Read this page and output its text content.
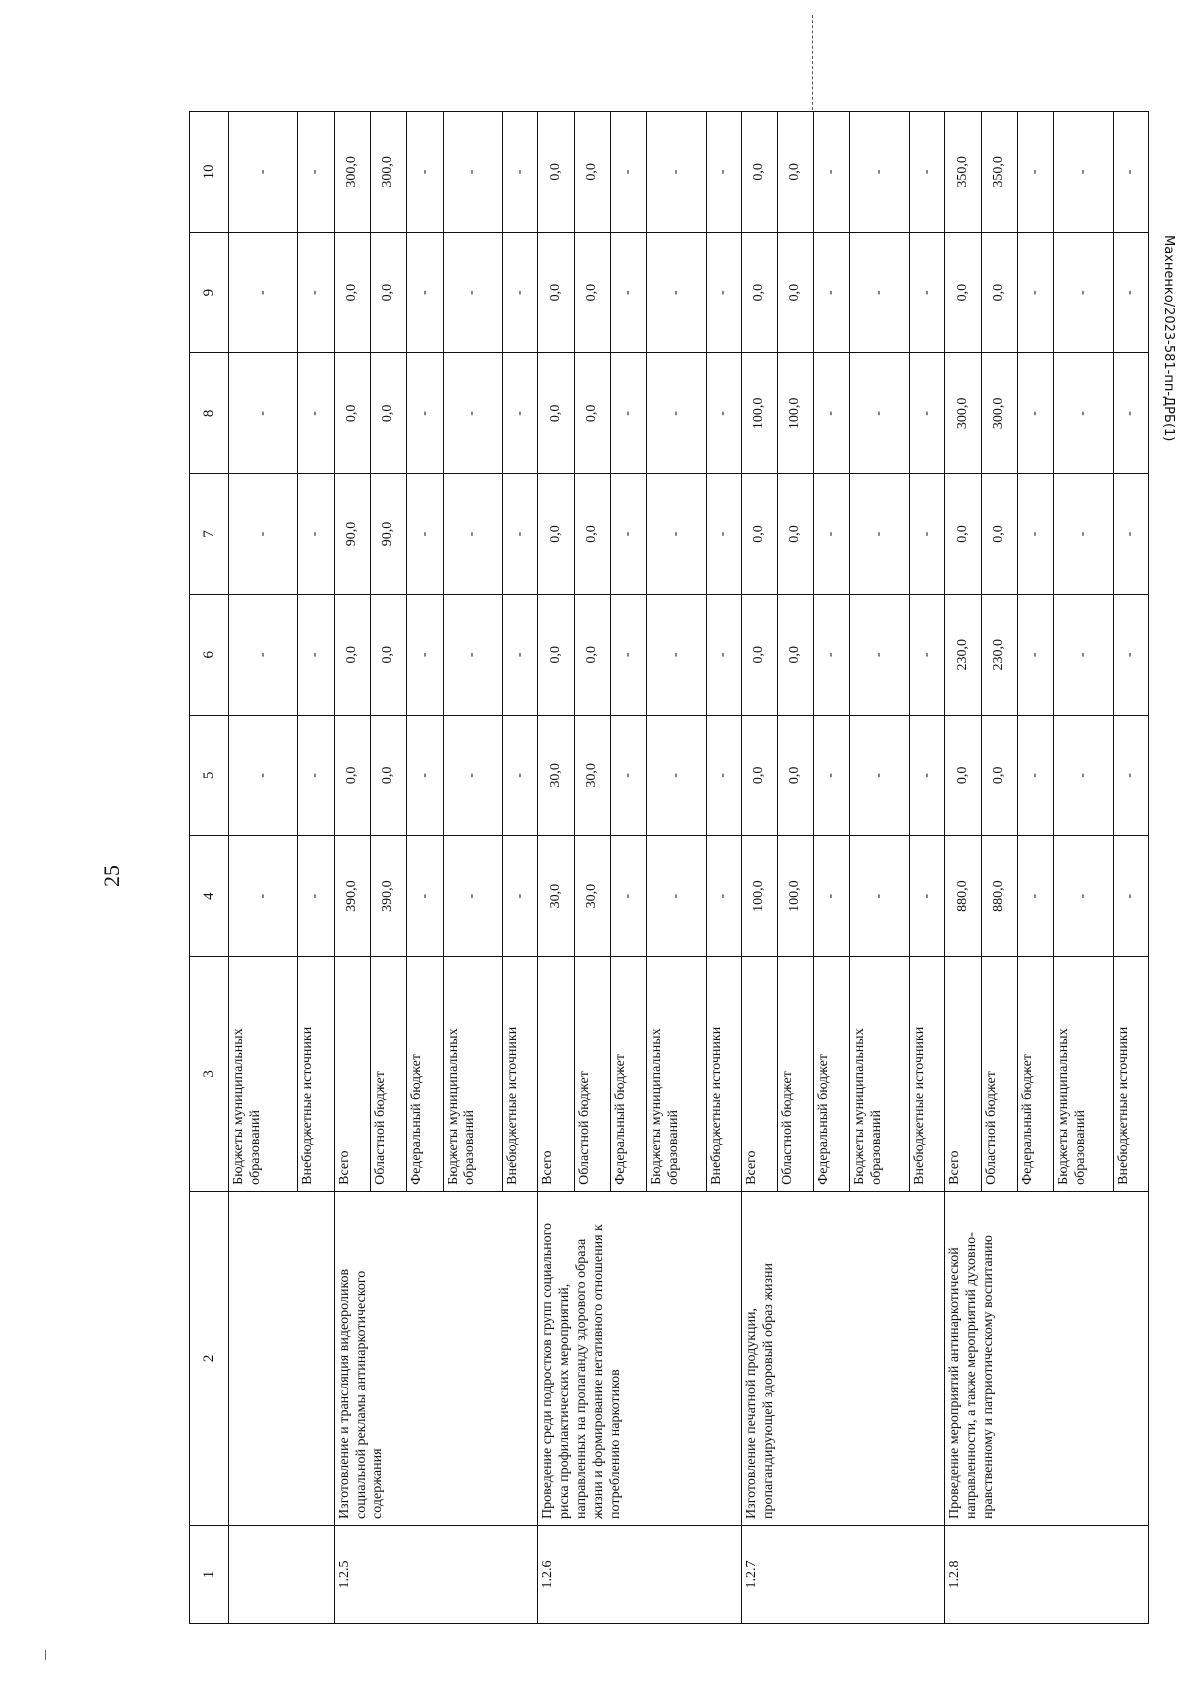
25
Махненко/2023-581-пп-ДРБ(1)
1	2	3	4	5	6	7	8	9	10
		Бюджеты муниципальных образований	-	-	-	-	-	-	-
		Внебюджетные источники	-	-	-	-	-	-	-
1.2.5	Изготовление и трансляция видеороликов социальной рекламы антинаркотического содержания	Всего	390,0	0,0	0,0	90,0	0,0	0,0	300,0
		Областной бюджет	390,0	0,0	0,0	90,0	0,0	0,0	300,0
		Федеральный бюджет	-	-	-	-	-	-	-
		Бюджеты муниципальных образований	-	-	-	-	-	-	-
		Внебюджетные источники	-	-	-	-	-	-	-
1.2.6	Проведение среди подростков групп социального риска профилактических мероприятий, направленных на пропаганду здорового образа жизни и формирование негативного отношения к потреблению наркотиков	Всего	30,0	30,0	0,0	0,0	0,0	0,0	0,0
		Областной бюджет	30,0	30,0	0,0	0,0	0,0	0,0	0,0
		Федеральный бюджет	-	-	-	-	-	-	-
		Бюджеты муниципальных образований	-	-	-	-	-	-	-
		Внебюджетные источники	-	-	-	-	-	-	-
1.2.7	Изготовление печатной продукции, пропагандирующей здоровый образ жизни	Всего	100,0	0,0	0,0	0,0	100,0	0,0	0,0
		Областной бюджет	100,0	0,0	0,0	0,0	100,0	0,0	0,0
		Федеральный бюджет	-	-	-	-	-	-	-
		Бюджеты муниципальных образований	-	-	-	-	-	-	-
		Внебюджетные источники	-	-	-	-	-	-	-
1.2.8	Проведение мероприятий антинаркотической направленности, а также мероприятий духовно-нравственному и патриотическому воспитанию	Всего	880,0	0,0	230,0	0,0	300,0	0,0	350,0
		Областной бюджет	880,0	0,0	230,0	0,0	300,0	0,0	350,0
		Федеральный бюджет	-	-	-	-	-	-	-
		Бюджеты муниципальных образований	-	-	-	-	-	-	-
		Внебюджетные источники	-	-	-	-	-	-	-
